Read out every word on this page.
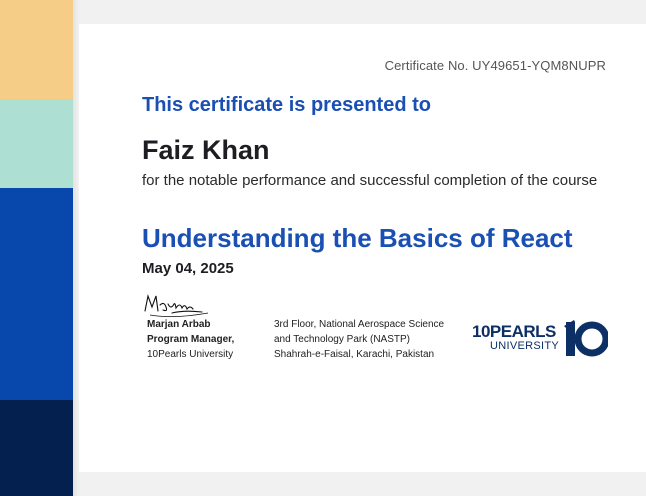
Certificate No. UY49651-YQM8NUPR
This certificate is presented to
Faiz Khan
for the notable performance and successful completion of the course
Understanding the Basics of React
May 04, 2025
Marjan Arbab
Program Manager,
10Pearls University
3rd Floor, National Aerospace Science
and Technology Park (NASTP)
Shahrah-e-Faisal, Karachi, Pakistan
10PEARLS
UNIVERSITY
